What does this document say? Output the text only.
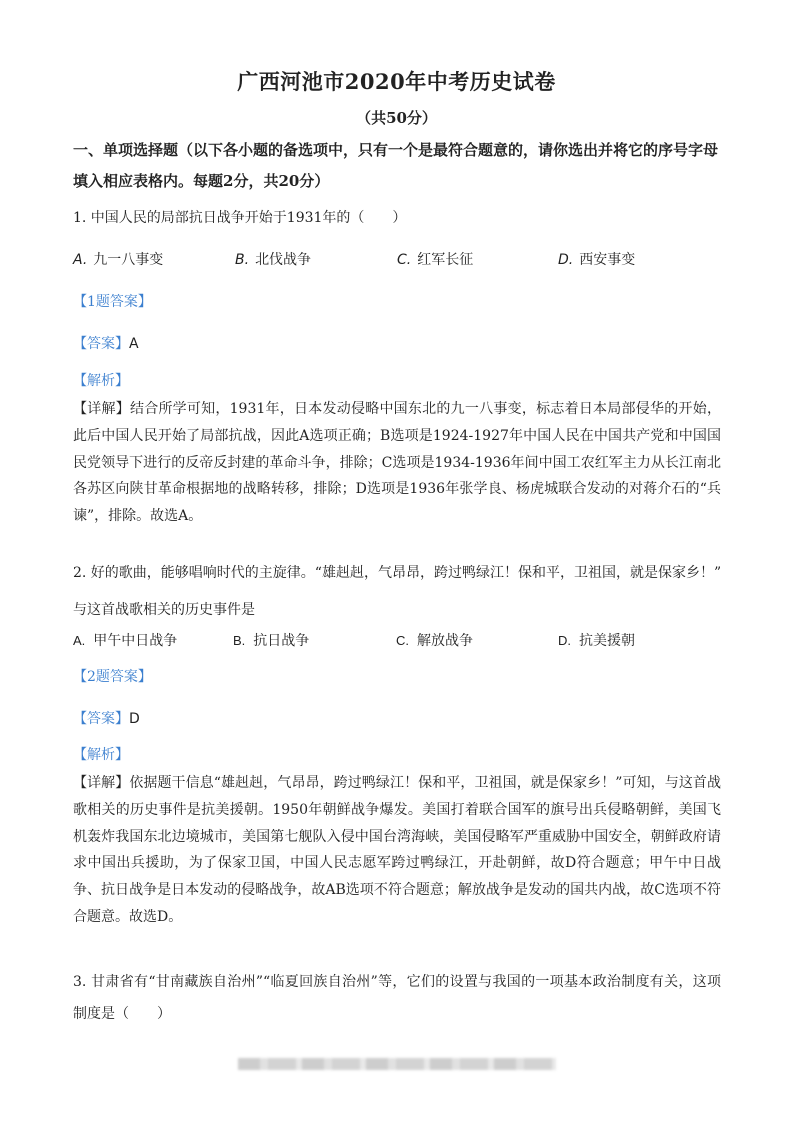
广西河池市2020年中考历史试卷
（共50分）
一、单项选择题（以下各小题的备选项中，只有一个是最符合题意的，请你选出并将它的序号字母填入相应表格内。每题2分，共20分）
1. 中国人民的局部抗日战争开始于1931年的（　　）
A. 九一八事变	B. 北伐战争	C. 红军长征	D. 西安事变
【1题答案】
【答案】A
【解析】
【详解】结合所学可知，1931年，日本发动侵略中国东北的九一八事变，标志着日本局部侵华的开始，此后中国人民开始了局部抗战，因此A选项正确；B选项是1924-1927年中国人民在中国共产党和中国国民党领导下进行的反帝反封建的革命斗争，排除；C选项是1934-1936年间中国工农红军主力从长江南北各苏区向陕甘革命根据地的战略转移，排除；D选项是1936年张学良、杨虎城联合发动的对蒋介石的“兵谏”，排除。故选A。
2. 好的歌曲，能够唱响时代的主旋律。“雄赳赳，气昂昂，跨过鸭绿江！保和平，卫祖国，就是保家乡！”
与这首战歌相关的历史事件是
A. 甲午中日战争	B. 抗日战争	C. 解放战争	D. 抗美援朝
【2题答案】
【答案】D
【解析】
【详解】依据题干信息“雄赳赳，气昂昂，跨过鸭绿江！保和平，卫祖国，就是保家乡！”可知，与这首战歌相关的历史事件是抗美援朝。1950年朝鲜战争爆发。美国打着联合国军的旗号出兵侵略朝鲜，美国飞机轰炸我国东北边境城市，美国第七舰队入侵中国台湾海峡，美国侵略军严重威胁中国安全，朝鲜政府请求中国出兵援助，为了保家卫国，中国人民志愿军跨过鸭绿江，开赴朝鲜，故D符合题意；甲午中日战争、抗日战争是日本发动的侵略战争，故AB选项不符合题意；解放战争是发动的国共内战，故C选项不符合题意。故选D。
3. 甘肃省有“甘南藏族自治州”“临夏回族自治州”等，它们的设置与我国的一项基本政治制度有关，这项制度是（　　）
